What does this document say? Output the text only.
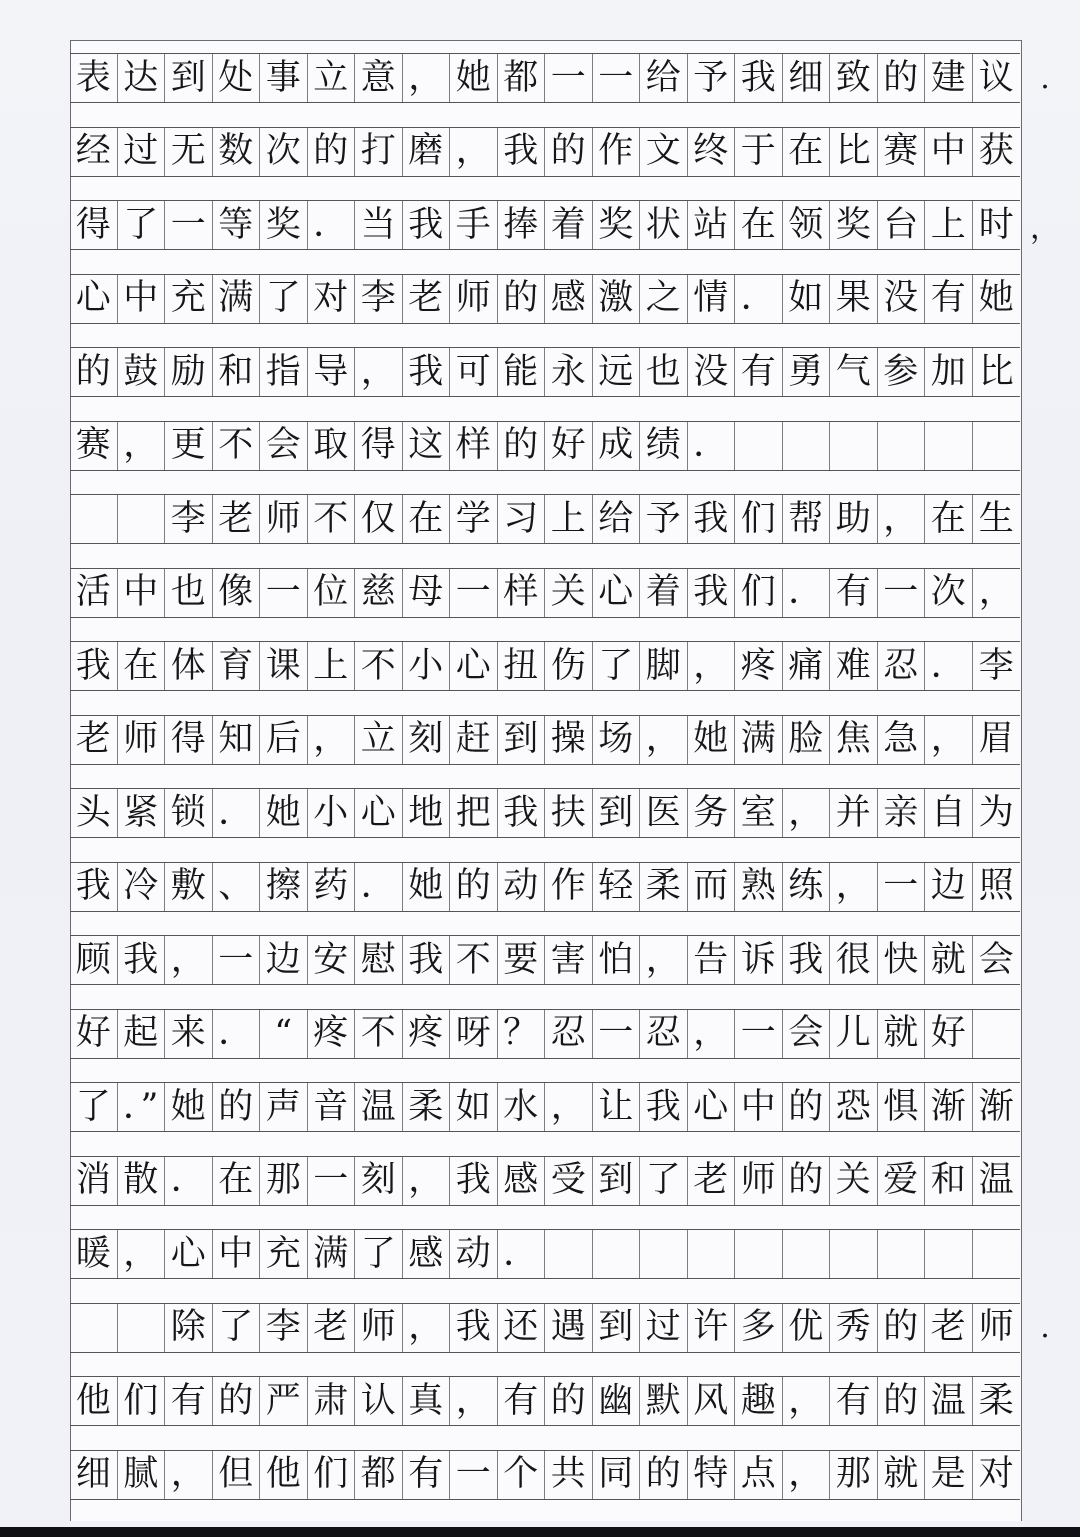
表 达 到 处 事 立 意 ， 她 都 一 一 给 予 我 细 致 的 建 议 .
经 过 无 数 次 的 打 磨 ， 我 的 作 文 终 于 在 比 赛 中 获
得 了 一 等 奖 ． 当 我 手 捧 着 奖 状 站 在 领 奖 台 上 时 ，
心 中 充 满 了 对 李 老 师 的 感 激 之 情 ． 如 果 没 有 她
的 鼓 励 和 指 导 ， 我 可 能 永 远 也 没 有 勇 气 参 加 比
赛 ， 更 不 会 取 得 这 样 的 好 成 绩 ．
李 老 师 不 仅 在 学 习 上 给 予 我 们 帮 助 ， 在 生
活 中 也 像 一 位 慈 母 一 样 关 心 着 我 们 ． 有 一 次 ，
我 在 体 育 课 上 不 小 心 扭 伤 了 脚 ， 疼 痛 难 忍 ． 李
老 师 得 知 后 ， 立 刻 赶 到 操 场 ， 她 满 脸 焦 急 ， 眉
头 紧 锁 ． 她 小 心 地 把 我 扶 到 医 务 室 ， 并 亲 自 为
我 冷 敷 、 擦 药 ． 她 的 动 作 轻 柔 而 熟 练 ， 一 边 照
顾 我 ， 一 边 安 慰 我 不 要 害 怕 ， 告 诉 我 很 快 就 会
好 起 来 ． “ 疼 不 疼 呀 ？ 忍 一 忍 ， 一 会 儿 就 好
了 ．” 她 的 声 音 温 柔 如 水 ， 让 我 心 中 的 恐 惧 渐 渐
消 散 ． 在 那 一 刻 ， 我 感 受 到 了 老 师 的 关 爱 和 温
暖 ， 心 中 充 满 了 感 动 ．
除 了 李 老 师 ， 我 还 遇 到 过 许 多 优 秀 的 老 师 .
他 们 有 的 严 肃 认 真 ， 有 的 幽 默 风 趣 ， 有 的 温 柔
细 腻 ， 但 他 们 都 有 一 个 共 同 的 特 点 ， 那 就 是 对
